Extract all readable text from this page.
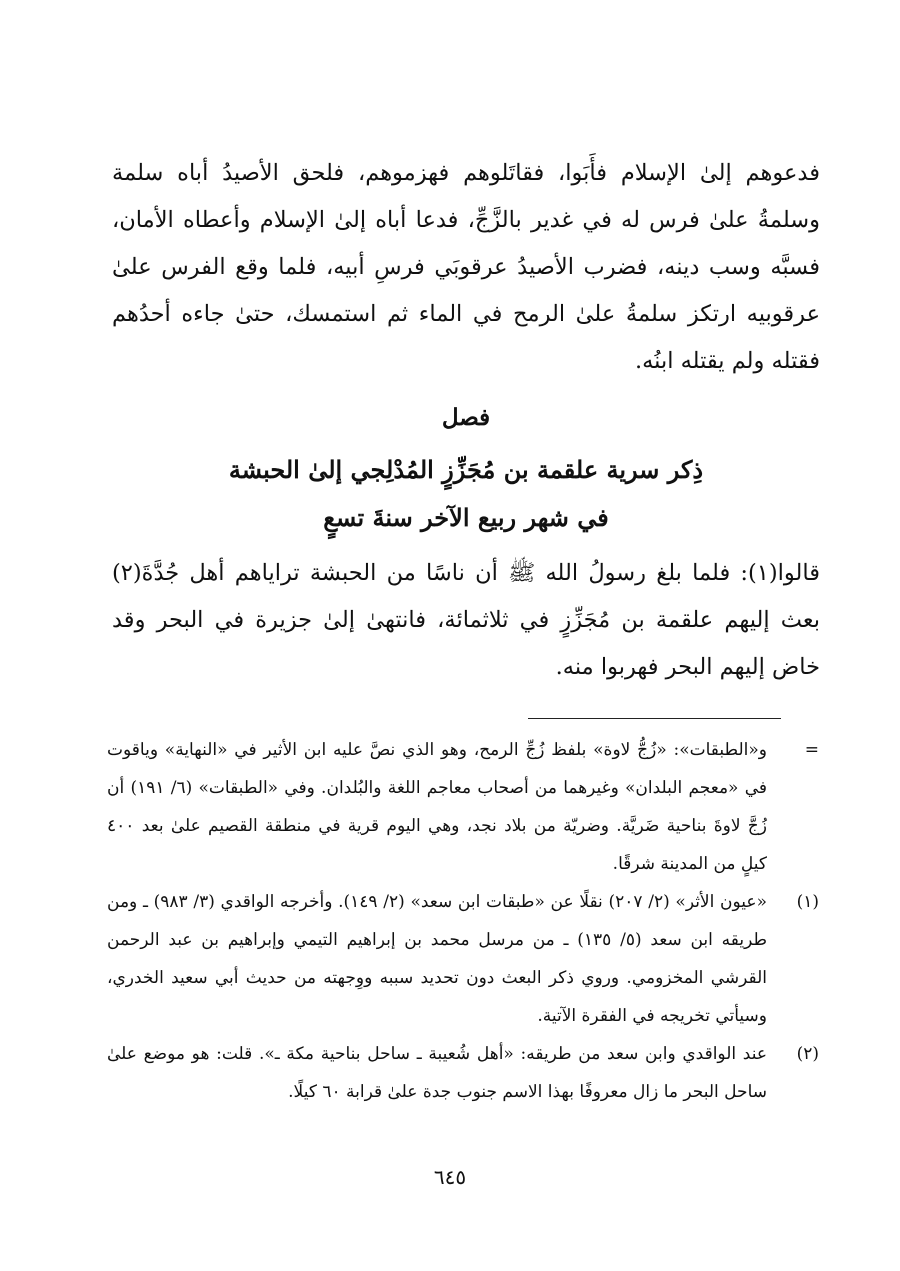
فدعوهم إلىٰ الإسلام فأَبَوا، فقاتَلوهم فهزموهم، فلحق الأصيدُ أباه سلمة وسلمةُ علىٰ فرس له في غدير بالزَّجِّ، فدعا أباه إلىٰ الإسلام وأعطاه الأمان، فسبَّه وسب دينه، فضرب الأصيدُ عرقوبَي فرسِ أبيه، فلما وقع الفرس علىٰ عرقوبيه ارتكز سلمةُ علىٰ الرمح في الماء ثم استمسك، حتىٰ جاءه أحدُهم فقتله ولم يقتله ابنُه.

فصل
ذِكر سرية علقمة بن مُجَزِّزٍ المُدْلِجي إلىٰ الحبشة
في شهر ربيع الآخر سنةَ تسعٍ

قالوا(١): فلما بلغ رسولُ الله ﷺ أن ناسًا من الحبشة تراياهم أهل جُدَّةَ(٢) بعث إليهم علقمة بن مُجَزِّزٍ في ثلاثمائة، فانتهىٰ إلىٰ جزيرة في البحر وقد خاض إليهم البحر فهربوا منه.

=
و«الطبقات»: «زُجُّ لاوة» بلفظ زُجِّ الرمح، وهو الذي نصَّ عليه ابن الأثير في «النهاية» وياقوت في «معجم البلدان» وغيرهما من أصحاب معاجم اللغة والبُلدان. وفي «الطبقات» (٦/ ١٩١) أن زُجَّ لاوةَ بناحية ضَريَّة. وضريّة من بلاد نجد، وهي اليوم قرية في منطقة القصيم علىٰ بعد ٤٠٠ كيلٍ من المدينة شرقًا.
(١)
«عيون الأثر» (٢/ ٢٠٧) نقلًا عن «طبقات ابن سعد» (٢/ ١٤٩). وأخرجه الواقدي (٣/ ٩٨٣) ـ ومن طريقه ابن سعد (٥/ ١٣٥) ـ من مرسل محمد بن إبراهيم التيمي وإبراهيم بن عبد الرحمن القرشي المخزومي. وروي ذكر البعث دون تحديد سببه ووِجهته من حديث أبي سعيد الخدري، وسيأتي تخريجه في الفقرة الآتية.
(٢)
عند الواقدي وابن سعد من طريقه: «أهل شُعيبة ـ ساحل بناحية مكة ـ». قلت: هو موضع علىٰ ساحل البحر ما زال معروفًا بهذا الاسم جنوب جدة علىٰ قرابة ٦٠ كيلًا.
٦٤٥
